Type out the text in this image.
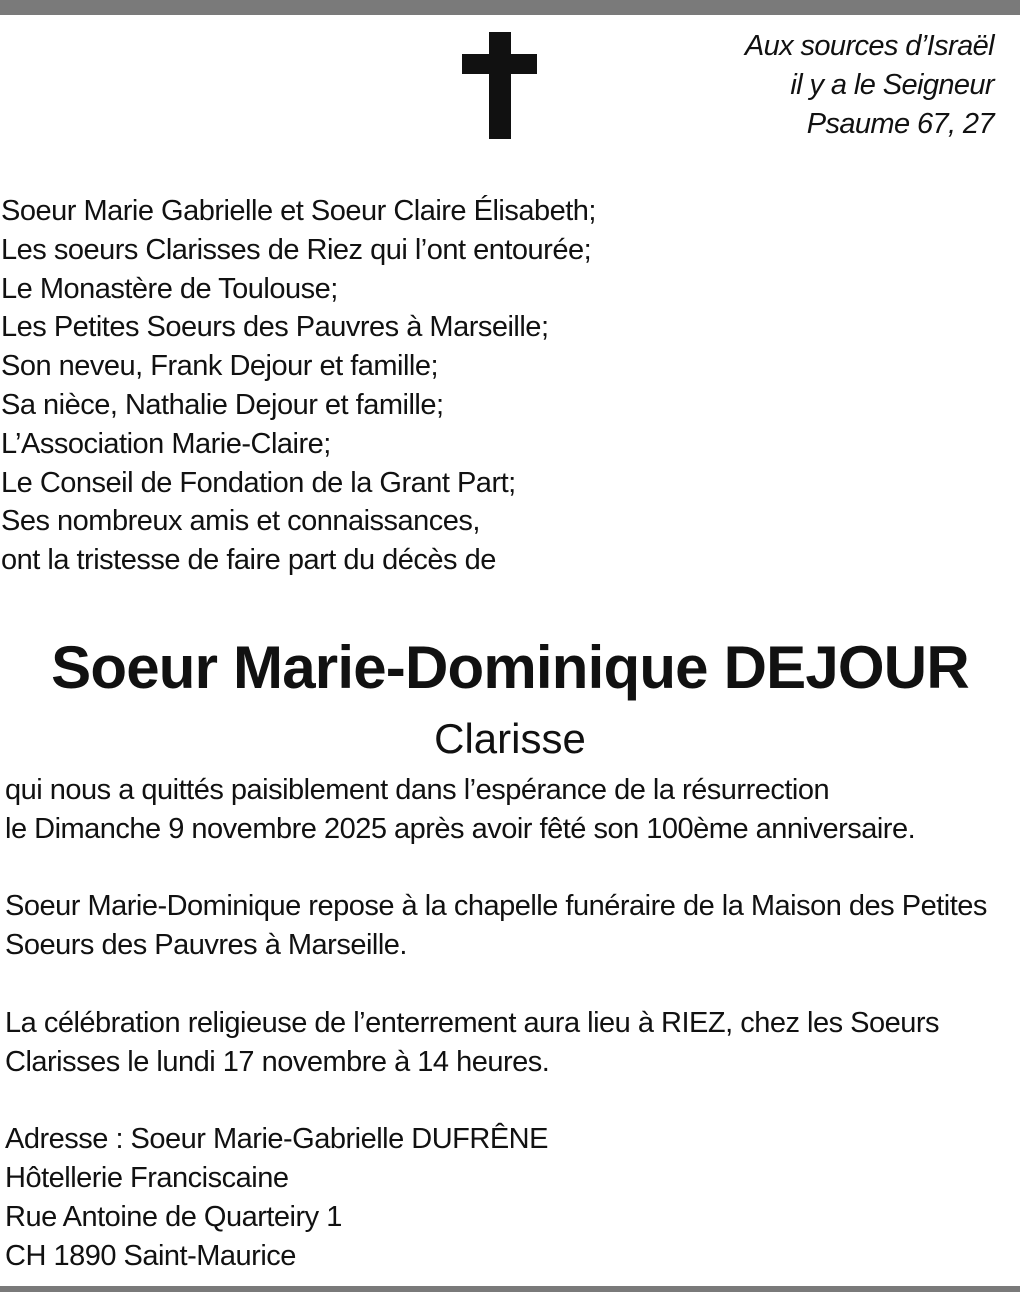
Aux sources d’Israël
il y a le Seigneur
Psaume 67, 27
Soeur Marie Gabrielle et Soeur Claire Élisabeth;
Les soeurs Clarisses de Riez qui l’ont entourée;
Le Monastère de Toulouse;
Les Petites Soeurs des Pauvres à Marseille;
Son neveu, Frank Dejour et famille;
Sa nièce, Nathalie Dejour et famille;
L’Association Marie-Claire;
Le Conseil de Fondation de la Grant Part;
Ses nombreux amis et connaissances,
ont la tristesse de faire part du décès de
Soeur Marie-Dominique DEJOUR
Clarisse
qui nous a quittés paisiblement dans l’espérance de la résurrection
le Dimanche 9 novembre 2025 après avoir fêté son 100ème anniversaire.
Soeur Marie-Dominique repose à la chapelle funéraire de la Maison des Petites
Soeurs des Pauvres à Marseille.
La célébration religieuse de l’enterrement aura lieu à RIEZ, chez les Soeurs
Clarisses le lundi 17 novembre à 14 heures.
Adresse : Soeur Marie-Gabrielle DUFRÊNE
Hôtellerie Franciscaine
Rue Antoine de Quarteiry 1
CH 1890 Saint-Maurice
